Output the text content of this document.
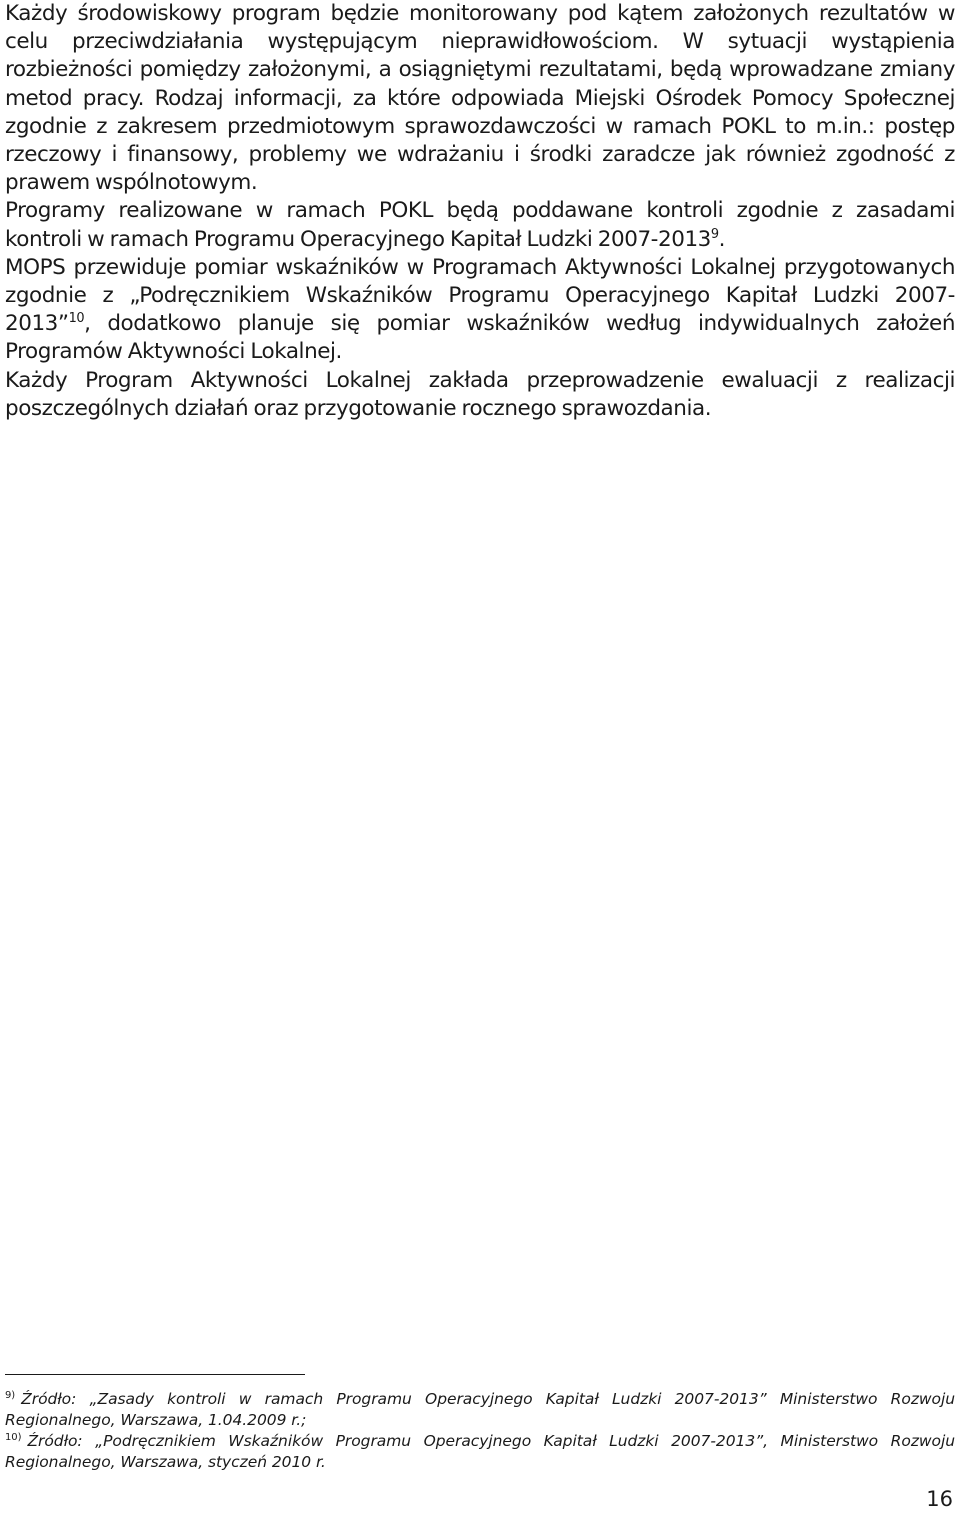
Każdy środowiskowy program będzie monitorowany pod kątem założonych rezultatów w celu przeciwdziałania występującym nieprawidłowościom. W sytuacji wystąpienia rozbieżności pomiędzy założonymi, a osiągniętymi rezultatami, będą wprowadzane zmiany metod pracy. Rodzaj informacji, za które odpowiada Miejski Ośrodek Pomocy Społecznej zgodnie z zakresem przedmiotowym sprawozdawczości w ramach POKL to m.in.: postęp rzeczowy i finansowy, problemy we wdrażaniu i środki zaradcze jak również zgodność z prawem wspólnotowym.

Programy realizowane w ramach POKL będą poddawane kontroli zgodnie z zasadami kontroli w ramach Programu Operacyjnego Kapitał Ludzki 2007-2013$^9$.

MOPS przewiduje pomiar wskaźników w Programach Aktywności Lokalnej przygotowanych zgodnie z „Podręcznikiem Wskaźników Programu Operacyjnego Kapitał Ludzki 2007-2013”$^{10}$, dodatkowo planuje się pomiar wskaźników według indywidualnych założeń Programów Aktywności Lokalnej.

Każdy Program Aktywności Lokalnej zakłada przeprowadzenie ewaluacji z realizacji poszczególnych działań oraz przygotowanie rocznego sprawozdania.

$^{9)}$ Źródło: „Zasady kontroli w ramach Programu Operacyjnego Kapitał Ludzki 2007-2013” Ministerstwo Rozwoju Regionalnego, Warszawa, 1.04.2009 r.;

$^{10)}$ Źródło: „Podręcznikiem Wskaźników Programu Operacyjnego Kapitał Ludzki 2007-2013”, Ministerstwo Rozwoju Regionalnego, Warszawa, styczeń 2010 r.

16
